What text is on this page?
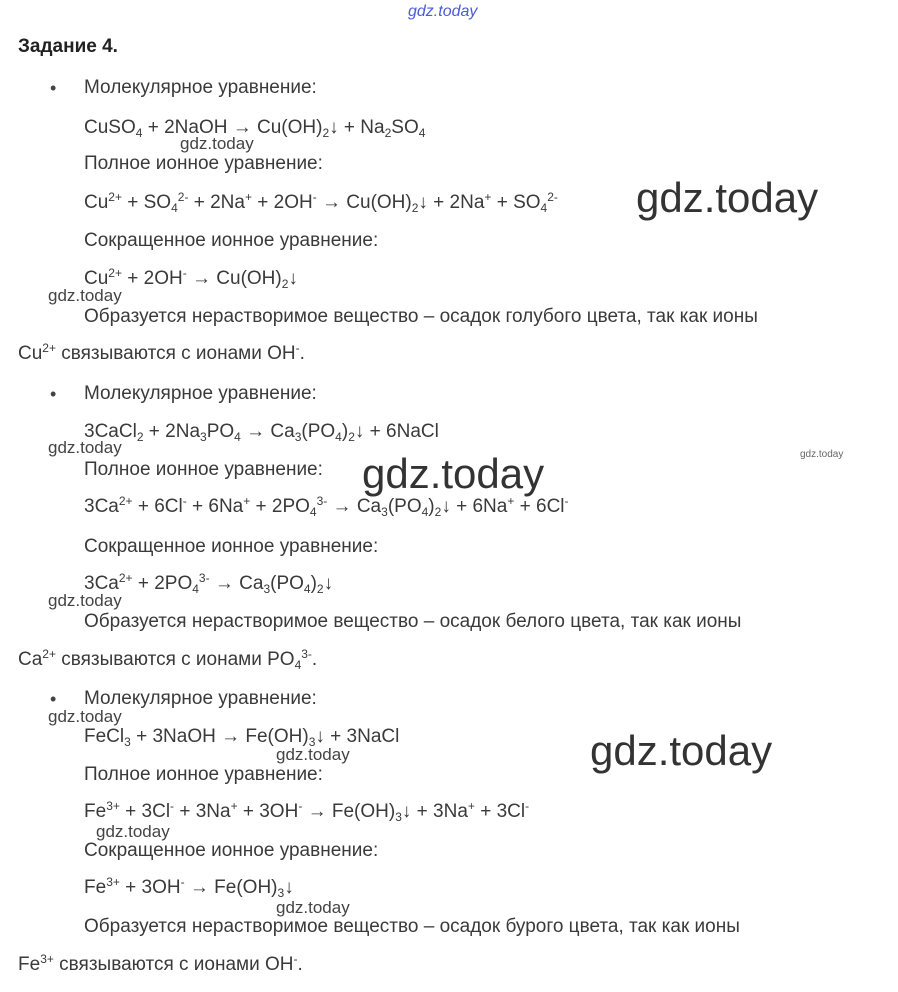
gdz.today
Задание 4.
• Молекулярное уравнение:
CuSO$_4$ + 2NaOH → $Cu(OH)_2↓ + Na_2SO_4$
gdz.today
Полное ионное уравнение:
$Cu^{2+} + SO_4^{2-} + 2Na^+ + 2OH^-$ → $Cu(OH)_2↓ + 2Na^+ + SO_4^{2-}$ gdz.today
Сокращенное ионное уравнение:
$Cu^{2+} + 2OH^-$ → $Cu(OH)_2↓$
gdz.today
Образуется нерастворимое вещество – осадок голубого цвета, так как ионы
$Cu^{2+}$ связываются с ионами OH-.
• Молекулярное уравнение:
3CaCl$_2$ + $2Na_3PO_4$ → $Ca_3(PO_4)_2↓$ + 6NaCl
gdz.today
Полное ионное уравнение: gdz.today	gdz.today
$3Ca^{2+} + 6Cl^- + 6Na^+ + 2PO_4^{3-}$ → $Ca_3(PO_4)_2↓ + 6Na^+ + 6Cl^-$
Сокращенное ионное уравнение:
$3Ca^{2+} + 2PO_4^{3-}$ → $Ca_3(PO_4)_2↓$
gdz.today
Образуется нерастворимое вещество – осадок белого цвета, так как ионы
$Ca^{2+}$ связываются с ионами $PO_4^{3-}$.
• Молекулярное уравнение:
gdz.today
FeCl$_3$ + 3NaOH → $Fe(OH)_3↓$ + 3NaCl	gdz.today
gdz.today
Полное ионное уравнение:
$Fe^{3+} + 3Cl^- + 3Na^+ + 3OH^-$ → $Fe(OH)_3↓ + 3Na^+ + 3Cl^-$
gdz.today
Сокращенное ионное уравнение:
$Fe^{3+} + 3OH^-$ → $Fe(OH)_3↓$
gdz.today
Образуется нерастворимое вещество – осадок бурого цвета, так как ионы
$Fe^{3+}$ связываются с ионами OH-.
